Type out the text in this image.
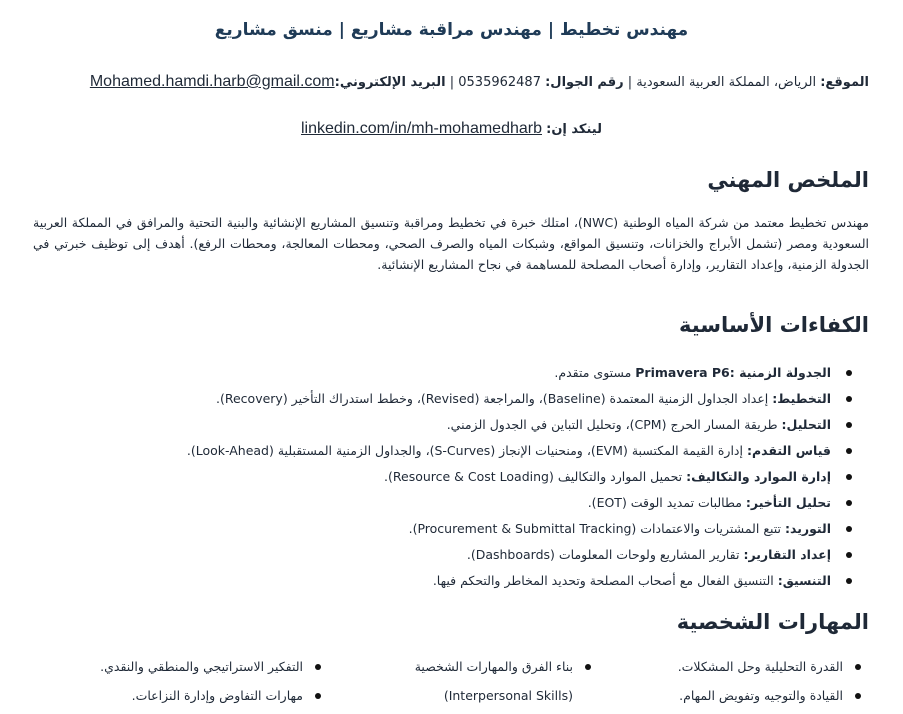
مهندس تخطيط | مهندس مراقبة مشاريع | منسق مشاريع
الموقع: الرياض، المملكة العربية السعودية | رقم الجوال: 0535962487 | البريد الإلكتروني:Mohamed.hamdi.harb@gmail.com
لينكد إن: linkedin.com/in/mh-mohamedharb
الملخص المهني

مهندس تخطيط معتمد من شركة المياه الوطنية (NWC)، امتلك خبرة في تخطيط ومراقبة وتنسيق المشاريع الإنشائية والبنية التحتية والمرافق في المملكة العربية السعودية ومصر (تشمل الأبراج والخزانات، وتنسيق المواقع، وشبكات المياه والصرف الصحي، ومحطات المعالجة، ومحطات الرفع). أهدف إلى توظيف خبرتي في الجدولة الزمنية، وإعداد التقارير، وإدارة أصحاب المصلحة للمساهمة في نجاح المشاريع الإنشائية.

الكفاءات الأساسية
الجدولة الزمنية :Primavera P6 مستوى متقدم.
التخطيط: إعداد الجداول الزمنية المعتمدة (Baseline)، والمراجعة (Revised)، وخطط استدراك التأخير (Recovery).
التحليل: طريقة المسار الحرج (CPM)، وتحليل التباين في الجدول الزمني.
قياس التقدم: إدارة القيمة المكتسبة (EVM)، ومنحنيات الإنجاز (S-Curves)، والجداول الزمنية المستقبلية (Look-Ahead).
إدارة الموارد والتكاليف: تحميل الموارد والتكاليف (Resource & Cost Loading).
تحليل التأخير: مطالبات تمديد الوقت (EOT).
التوريد: تتبع المشتريات والاعتمادات (Procurement & Submittal Tracking).
إعداد التقارير: تقارير المشاريع ولوحات المعلومات (Dashboards).
التنسيق: التنسيق الفعال مع أصحاب المصلحة وتحديد المخاطر والتحكم فيها.
المهارات الشخصية
القدرة التحليلية وحل المشكلات.
القيادة والتوجيه وتفويض المهام.
بناء الفرق والمهارات الشخصية
(Interpersonal Skills)
التفكير الاستراتيجي والمنطقي والنقدي.
مهارات التفاوض وإدارة النزاعات.
